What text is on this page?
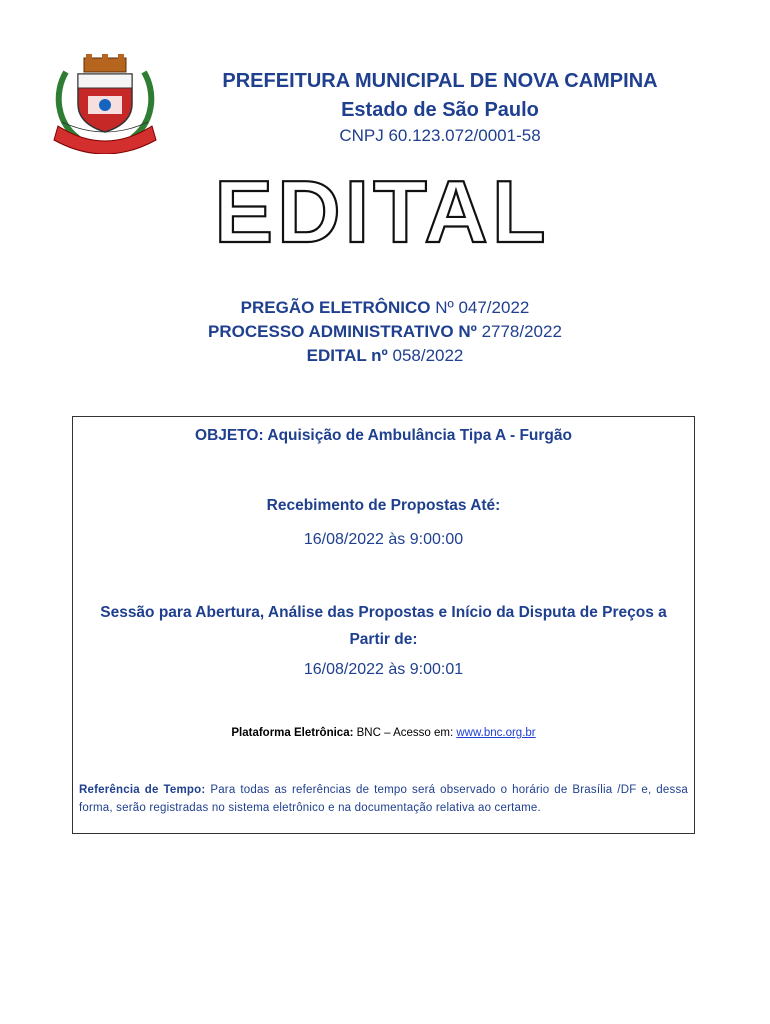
PREFEITURA MUNICIPAL DE NOVA CAMPINA
Estado de São Paulo
CNPJ 60.123.072/0001-58
EDITAL
PREGÃO ELETRÔNICO Nº 047/2022
PROCESSO ADMINISTRATIVO Nº 2778/2022
EDITAL nº 058/2022
OBJETO: Aquisição de Ambulância Tipa A - Furgão
Recebimento de Propostas Até:
16/08/2022 às 9:00:00
Sessão para Abertura, Análise das Propostas e Início da Disputa de Preços a Partir de:
16/08/2022 às 9:00:01
Plataforma Eletrônica: BNC – Acesso em: www.bnc.org.br
Referência de Tempo: Para todas as referências de tempo será observado o horário de Brasília /DF e, dessa forma, serão registradas no sistema eletrônico e na documentação relativa ao certame.
